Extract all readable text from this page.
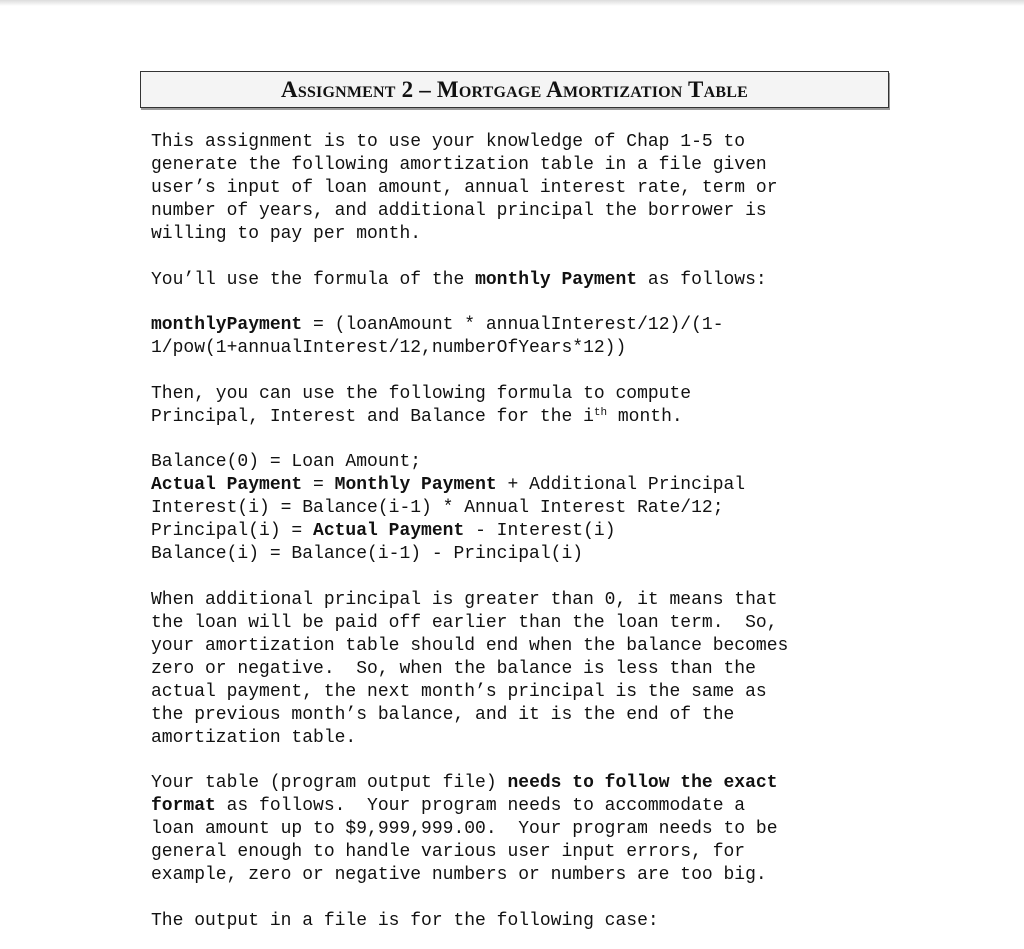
Assignment 2 – Mortgage Amortization Table

This assignment is to use your knowledge of Chap 1-5 to

generate the following amortization table in a file given

user’s input of loan amount, annual interest rate, term or

number of years, and additional principal the borrower is

willing to pay per month.

You’ll use the formula of the monthly Payment as follows:

monthlyPayment = (loanAmount * annualInterest/12)/(1-

1/pow(1+annualInterest/12,numberOfYears*12))

Then, you can use the following formula to compute

Principal, Interest and Balance for the $i^{th}$ month.

Balance(0) = Loan Amount;

Actual Payment = Monthly Payment + Additional Principal

Interest(i) = Balance(i-1) * Annual Interest Rate/12;

Principal(i) = Actual Payment - Interest(i)

Balance(i) = Balance(i-1) - Principal(i)

When additional principal is greater than 0, it means that

the loan will be paid off earlier than the loan term.  So,

your amortization table should end when the balance becomes

zero or negative.  So, when the balance is less than the

actual payment, the next month’s principal is the same as

the previous month’s balance, and it is the end of the

amortization table.

Your table (program output file) needs to follow the exact

format as follows.  Your program needs to accommodate a

loan amount up to $9,999,999.00.  Your program needs to be

general enough to handle various user input errors, for

example, zero or negative numbers or numbers are too big.

The output in a file is for the following case:
